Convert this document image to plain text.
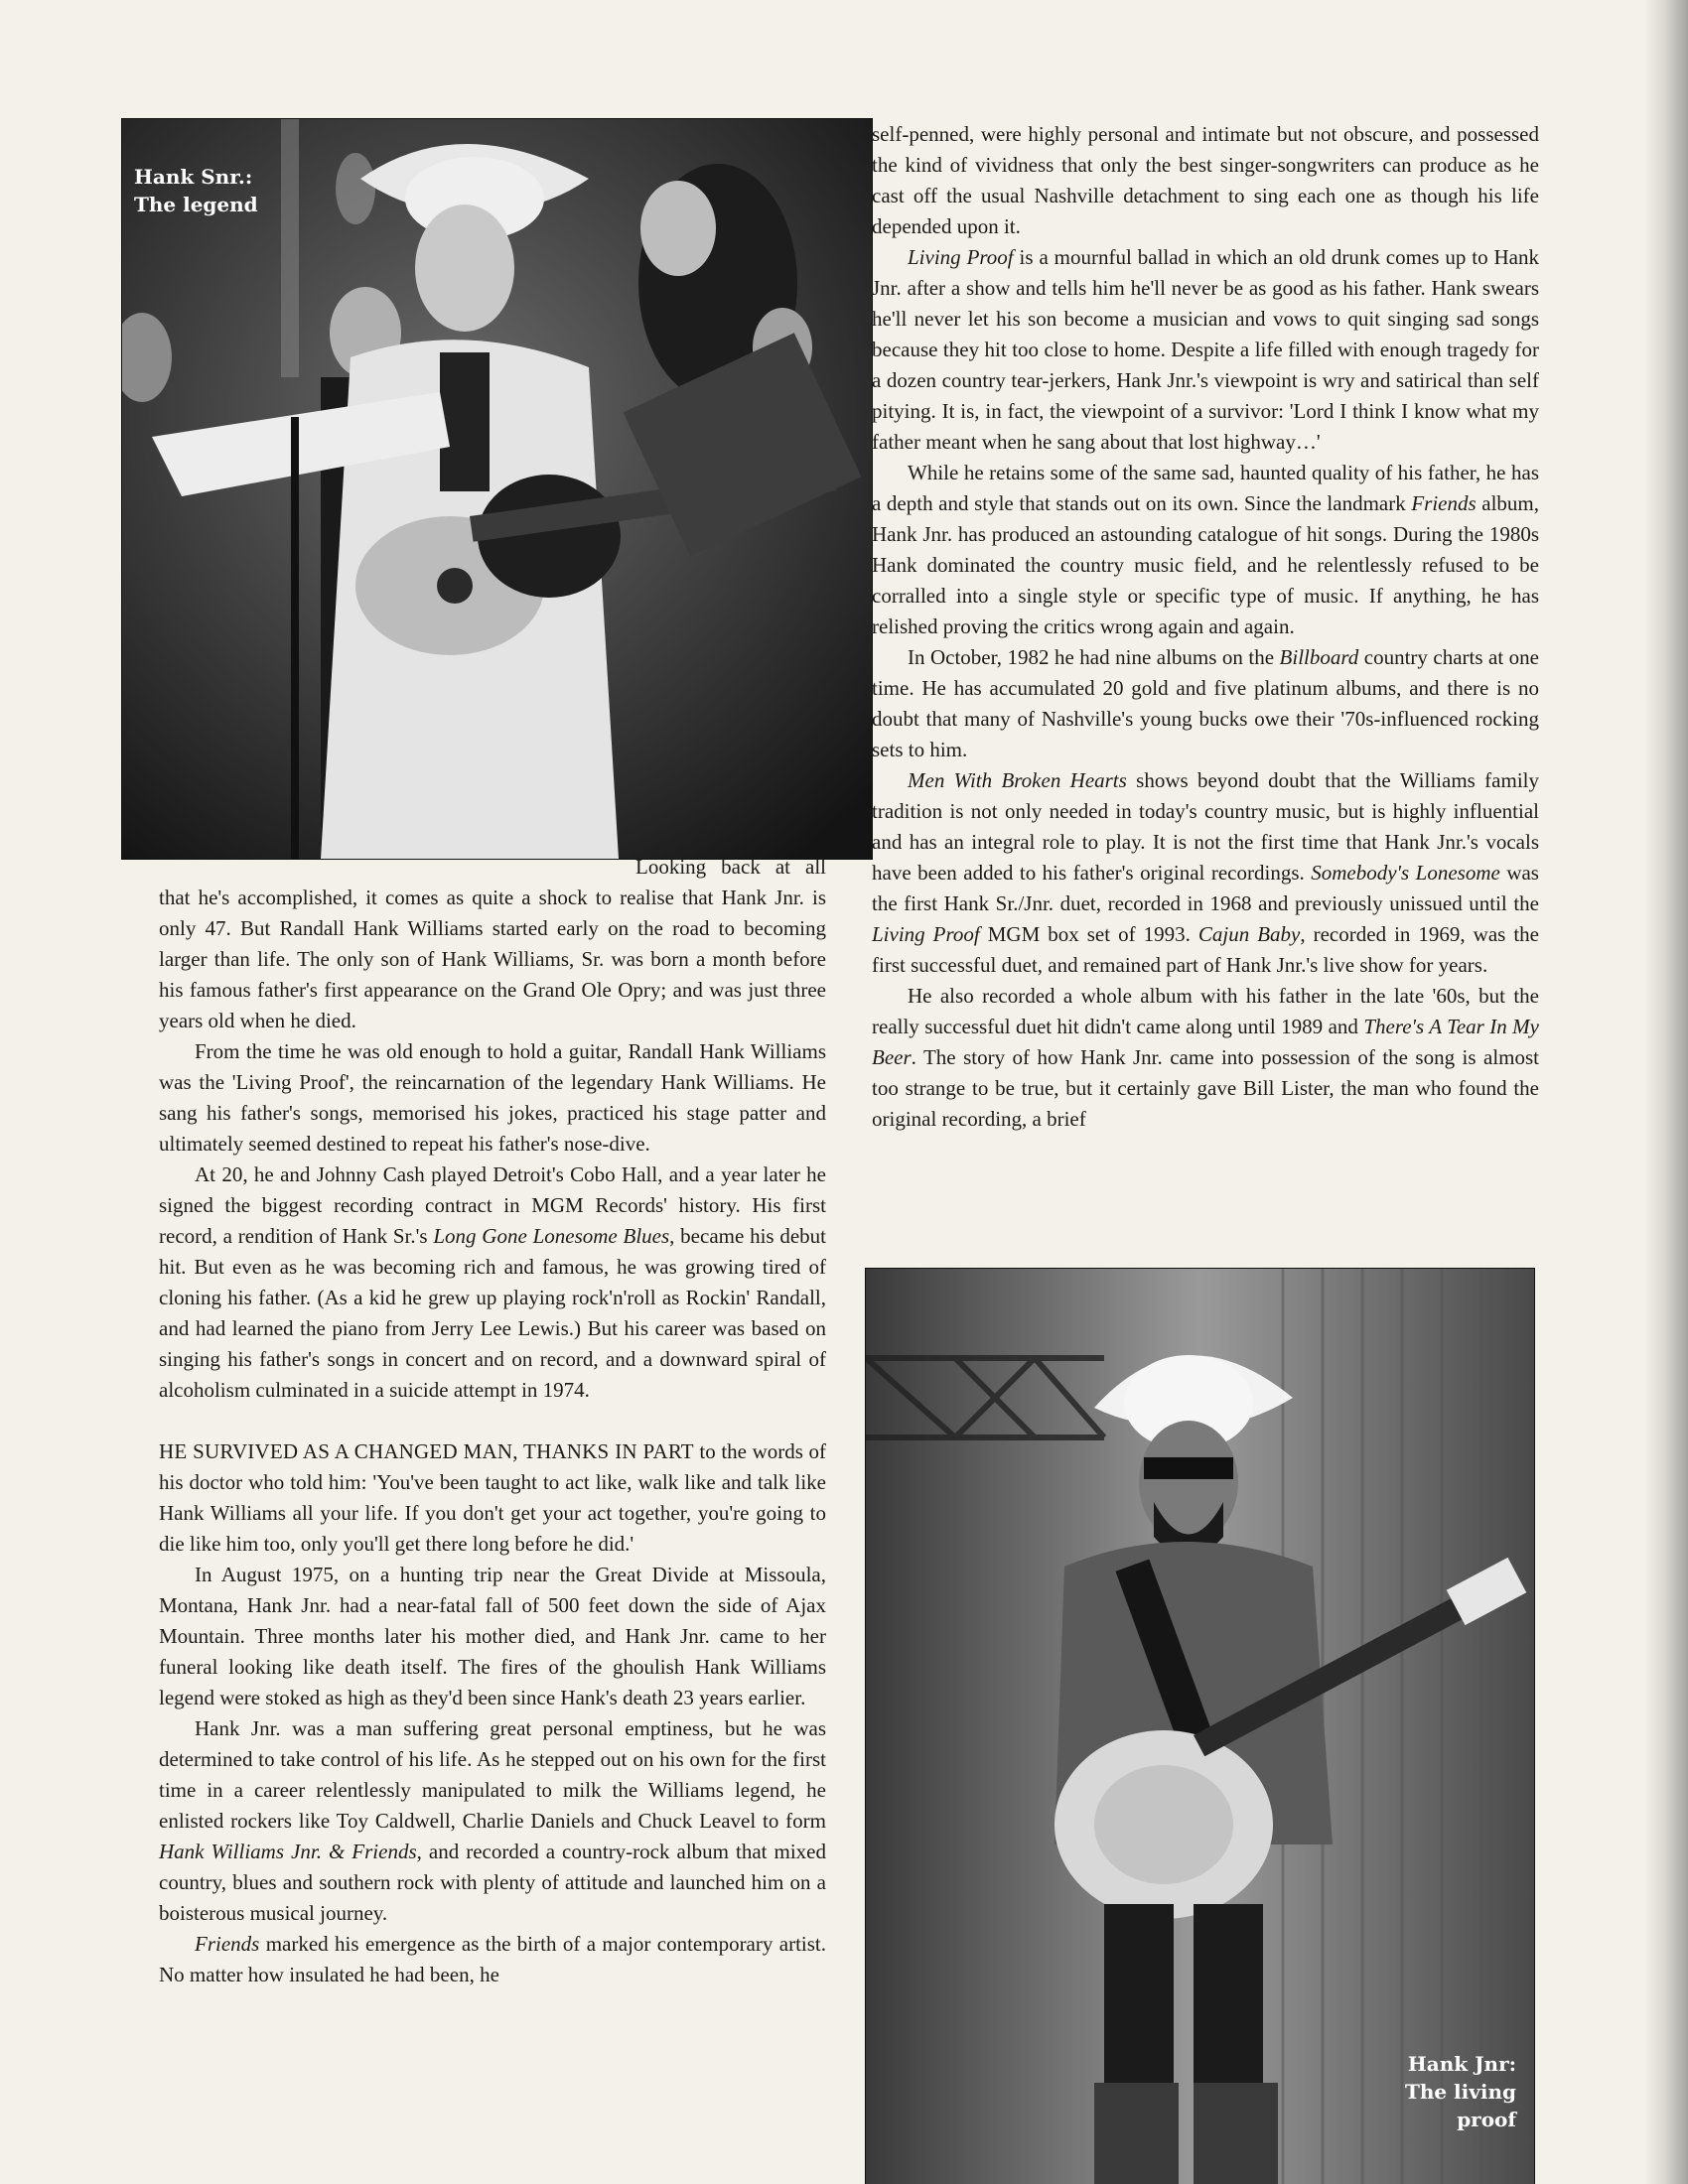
Hank Snr.:
The legend
Hank Jnr:
The living
proof

self-penned, were highly personal and intimate but not obscure, and possessed the kind of vividness that only the best singer-songwriters can produce as he cast off the usual Nashville detachment to sing each one as though his life depended upon it.

Living Proof is a mournful ballad in which an old drunk comes up to Hank Jnr. after a show and tells him he'll never be as good as his father. Hank swears he'll never let his son become a musician and vows to quit singing sad songs because they hit too close to home. Despite a life filled with enough tragedy for a dozen country tear-jerkers, Hank Jnr.'s viewpoint is wry and satirical than self pitying. It is, in fact, the viewpoint of a survivor: 'Lord I think I know what my father meant when he sang about that lost highway…'

While he retains some of the same sad, haunted quality of his father, he has a depth and style that stands out on its own. Since the landmark Friends album, Hank Jnr. has produced an astounding catalogue of hit songs. During the 1980s Hank dominated the country music field, and he relentlessly refused to be corralled into a single style or specific type of music. If anything, he has relished proving the critics wrong again and again.

In October, 1982 he had nine albums on the Billboard country charts at one time. He has accumulated 20 gold and five platinum albums, and there is no doubt that many of Nashville's young bucks owe their '70s-influenced rocking sets to him.

Men With Broken Hearts shows beyond doubt that the Williams family tradition is not only needed in today's country music, but is highly influential and has an integral role to play. It is not the first time that Hank Jnr.'s vocals have been added to his father's original recordings. Somebody's Lonesome was the first Hank Sr./Jnr. duet, recorded in 1968 and previously unissued until the Living Proof MGM box set of 1993. Cajun Baby, recorded in 1969, was the first successful duet, and remained part of Hank Jnr.'s live show for years.

He also recorded a whole album with his father in the late '60s, but the really successful duet hit didn't came along until 1989 and There's A Tear In My Beer. The story of how Hank Jnr. came into possession of the song is almost too strange to be true, but it certainly gave Bill Lister, the man who found the original recording, a brief

Looking back at all that he's accomplished, it comes as quite a shock to realise that Hank Jnr. is only 47. But Randall Hank Williams started early on the road to becoming larger than life. The only son of Hank Williams, Sr. was born a month before his famous father's first appearance on the Grand Ole Opry; and was just three years old when he died.

From the time he was old enough to hold a guitar, Randall Hank Williams was the 'Living Proof', the reincarnation of the legendary Hank Williams. He sang his father's songs, memorised his jokes, practiced his stage patter and ultimately seemed destined to repeat his father's nose-dive.

At 20, he and Johnny Cash played Detroit's Cobo Hall, and a year later he signed the biggest recording contract in MGM Records' history. His first record, a rendition of Hank Sr.'s Long Gone Lonesome Blues, became his debut hit. But even as he was becoming rich and famous, he was growing tired of cloning his father. (As a kid he grew up playing rock'n'roll as Rockin' Randall, and had learned the piano from Jerry Lee Lewis.) But his career was based on singing his father's songs in concert and on record, and a downward spiral of alcoholism culminated in a suicide attempt in 1974.

HE SURVIVED AS A CHANGED MAN, THANKS IN PART to the words of his doctor who told him: 'You've been taught to act like, walk like and talk like Hank Williams all your life. If you don't get your act together, you're going to die like him too, only you'll get there long before he did.'

In August 1975, on a hunting trip near the Great Divide at Missoula, Montana, Hank Jnr. had a near-fatal fall of 500 feet down the side of Ajax Mountain. Three months later his mother died, and Hank Jnr. came to her funeral looking like death itself. The fires of the ghoulish Hank Williams legend were stoked as high as they'd been since Hank's death 23 years earlier.

Hank Jnr. was a man suffering great personal emptiness, but he was determined to take control of his life. As he stepped out on his own for the first time in a career relentlessly manipulated to milk the Williams legend, he enlisted rockers like Toy Caldwell, Charlie Daniels and Chuck Leavel to form Hank Williams Jnr. & Friends, and recorded a country-rock album that mixed country, blues and southern rock with plenty of attitude and launched him on a boisterous musical journey.

Friends marked his emergence as the birth of a major contemporary artist. No matter how insulated he had been, he
